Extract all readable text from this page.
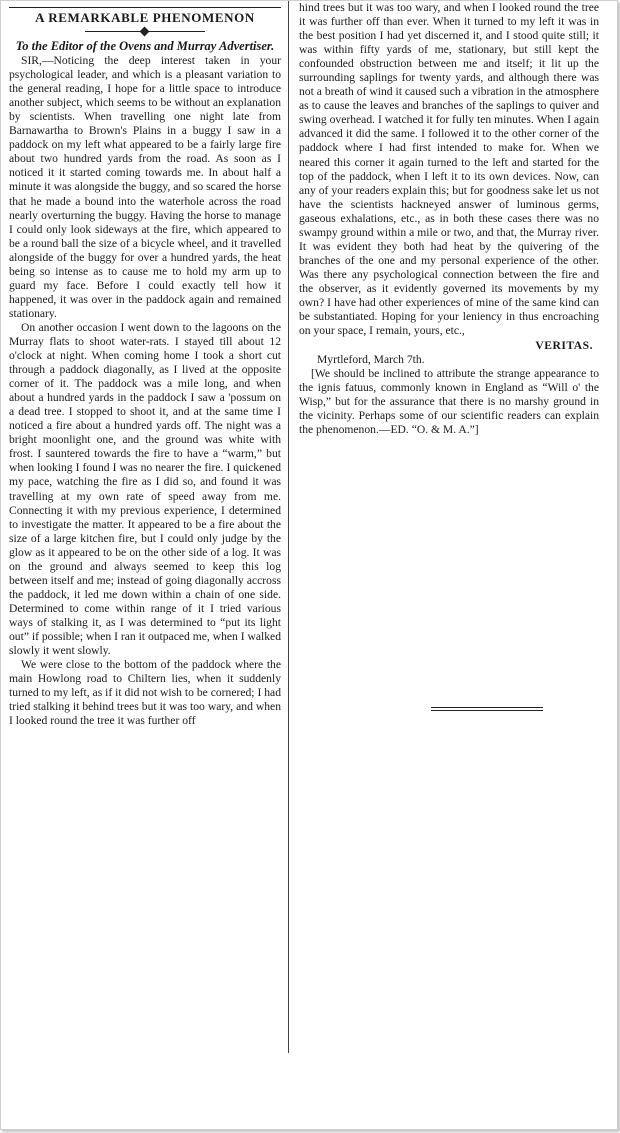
A REMARKABLE PHENOMENON
To the Editor of the Ovens and Murray Advertiser.

SIR,—Noticing the deep interest taken in your psychological leader, and which is a pleasant variation to the general reading, I hope for a little space to introduce another subject, which seems to be without an explanation by scientists. When travelling one night late from Barnawartha to Brown's Plains in a buggy I saw in a paddock on my left what appeared to be a fairly large fire about two hundred yards from the road. As soon as I noticed it it started coming towards me. In about half a minute it was alongside the buggy, and so scared the horse that he made a bound into the waterhole across the road nearly overturning the buggy. Having the horse to manage I could only look sideways at the fire, which appeared to be a round ball the size of a bicycle wheel, and it travelled alongside of the buggy for over a hundred yards, the heat being so intense as to cause me to hold my arm up to guard my face. Before I could exactly tell how it happened, it was over in the paddock again and remained stationary.

On another occasion I went down to the lagoons on the Murray flats to shoot water-rats. I stayed till about 12 o'clock at night. When coming home I took a short cut through a paddock diagonally, as I lived at the opposite corner of it. The paddock was a mile long, and when about a hundred yards in the paddock I saw a 'possum on a dead tree. I stopped to shoot it, and at the same time I noticed a fire about a hundred yards off. The night was a bright moonlight one, and the ground was white with frost. I sauntered towards the fire to have a “warm,” but when looking I found I was no nearer the fire. I quickened my pace, watching the fire as I did so, and found it was travelling at my own rate of speed away from me. Connecting it with my previous experience, I determined to investigate the matter. It appeared to be a fire about the size of a large kitchen fire, but I could only judge by the glow as it appeared to be on the other side of a log. It was on the ground and always seemed to keep this log between itself and me; instead of going diagonally accross the paddock, it led me down within a chain of one side. Determined to come within range of it I tried various ways of stalking it, as I was determined to “put its light out” if possible; when I ran it outpaced me, when I walked slowly it went slowly.

We were close to the bottom of the paddock where the main Howlong road to Chiltern lies, when it suddenly turned to my left, as if it did not wish to be cornered; I had tried stalking it behind trees but it was too wary, and when I looked round the tree it was further off

hind trees but it was too wary, and when I looked round the tree it was further off than ever. When it turned to my left it was in the best position I had yet discerned it, and I stood quite still; it was within fifty yards of me, stationary, but still kept the confounded obstruction between me and itself; it lit up the surrounding saplings for twenty yards, and although there was not a breath of wind it caused such a vibration in the atmosphere as to cause the leaves and branches of the saplings to quiver and swing overhead. I watched it for fully ten minutes. When I again advanced it did the same. I followed it to the other corner of the paddock where I had first intended to make for. When we neared this corner it again turned to the left and started for the top of the paddock, when I left it to its own devices. Now, can any of your readers explain this; but for goodness sake let us not have the scientists hackneyed answer of luminous germs, gaseous exhalations, etc., as in both these cases there was no swampy ground within a mile or two, and that, the Murray river. It was evident they both had heat by the quivering of the branches of the one and my personal experience of the other. Was there any psychological connection between the fire and the observer, as it evidently governed its movements by my own? I have had other experiences of mine of the same kind can be substantiated. Hoping for your leniency in thus encroaching on your space, I remain, yours, etc.,

VERITAS.

Myrtleford, March 7th.

[We should be inclined to attribute the strange appearance to the ignis fatuus, commonly known in England as “Will o' the Wisp,” but for the assurance that there is no marshy ground in the vicinity. Perhaps some of our scientific readers can explain the phenomenon.—ED. “O. & M. A.”]
